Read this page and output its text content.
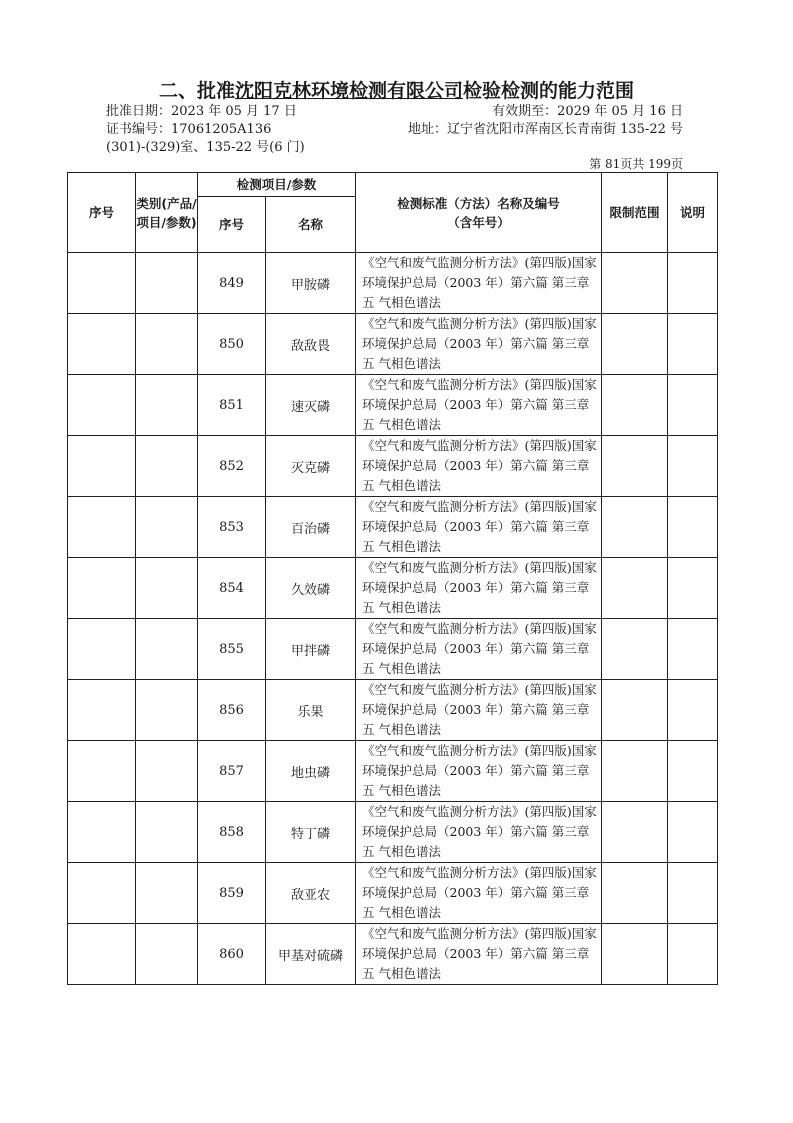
二、批准沈阳克林环境检测有限公司检验检测的能力范围
批准日期：2023 年 05 月 17 日	有效期至：2029 年 05 月 16 日
证书编号：17061205A136	地址：辽宁省沈阳市浑南区长青南街 135-22 号
(301)-(329)室、135-22 号(6 门)
第 81页共 199页
序号	类别(产品/项目/参数)	检测项目/参数		检测标准（方法）名称及编号（含年号）	限制范围	说明
		序号	名称			
		849	甲胺磷	《空气和废气监测分析方法》(第四版)国家环境保护总局（2003 年）第六篇 第三章 五 气相色谱法		
		850	敌敌畏	《空气和废气监测分析方法》(第四版)国家环境保护总局（2003 年）第六篇 第三章 五 气相色谱法		
		851	速灭磷	《空气和废气监测分析方法》(第四版)国家环境保护总局（2003 年）第六篇 第三章 五 气相色谱法		
		852	灭克磷	《空气和废气监测分析方法》(第四版)国家环境保护总局（2003 年）第六篇 第三章 五 气相色谱法		
		853	百治磷	《空气和废气监测分析方法》(第四版)国家环境保护总局（2003 年）第六篇 第三章 五 气相色谱法		
		854	久效磷	《空气和废气监测分析方法》(第四版)国家环境保护总局（2003 年）第六篇 第三章 五 气相色谱法		
		855	甲拌磷	《空气和废气监测分析方法》(第四版)国家环境保护总局（2003 年）第六篇 第三章 五 气相色谱法		
		856	乐果	《空气和废气监测分析方法》(第四版)国家环境保护总局（2003 年）第六篇 第三章 五 气相色谱法		
		857	地虫磷	《空气和废气监测分析方法》(第四版)国家环境保护总局（2003 年）第六篇 第三章 五 气相色谱法		
		858	特丁磷	《空气和废气监测分析方法》(第四版)国家环境保护总局（2003 年）第六篇 第三章 五 气相色谱法		
		859	敌亚农	《空气和废气监测分析方法》(第四版)国家环境保护总局（2003 年）第六篇 第三章 五 气相色谱法		
		860	甲基对硫磷	《空气和废气监测分析方法》(第四版)国家环境保护总局（2003 年）第六篇 第三章 五 气相色谱法		
